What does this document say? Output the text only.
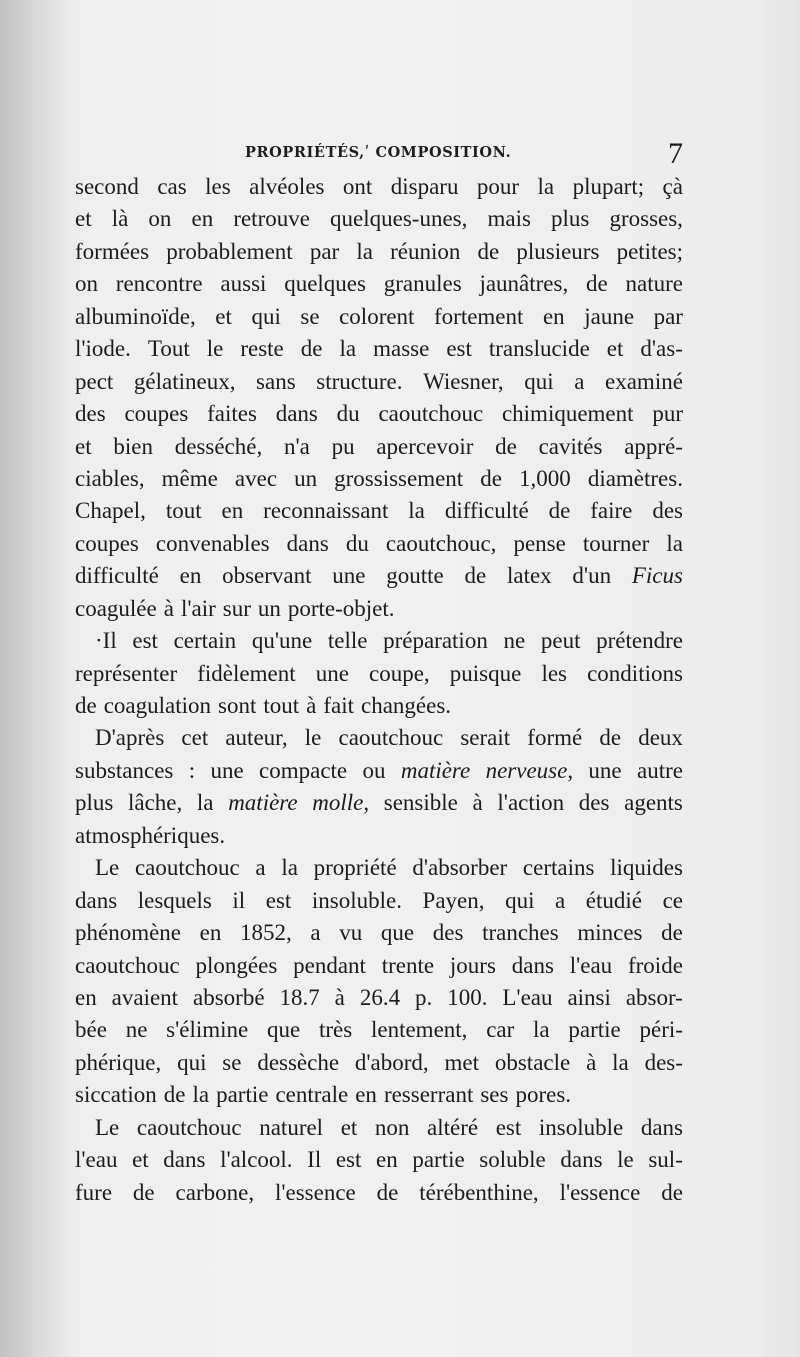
PROPRIÉTÉS,ʹ COMPOSITION.	7
second cas les alvéoles ont disparu pour la plupart; çà
et là on en retrouve quelques-unes, mais plus grosses,
formées probablement par la réunion de plusieurs petites;
on rencontre aussi quelques granules jaunâtres, de nature
albuminoïde, et qui se colorent fortement en jaune par
l'iode. Tout le reste de la masse est translucide et d'as-
pect gélatineux, sans structure. Wiesner, qui a examiné
des coupes faites dans du caoutchouc chimiquement pur
et bien desséché, n'a pu apercevoir de cavités appré-
ciables, même avec un grossissement de 1,000 diamètres.
Chapel, tout en reconnaissant la difficulté de faire des
coupes convenables dans du caoutchouc, pense tourner la
difficulté en observant une goutte de latex d'un Ficus
coagulée à l'air sur un porte-objet.
·Il est certain qu'une telle préparation ne peut prétendre
représenter fidèlement une coupe, puisque les conditions
de coagulation sont tout à fait changées.
D'après cet auteur, le caoutchouc serait formé de deux
substances : une compacte ou matière nerveuse, une autre
plus lâche, la matière molle, sensible à l'action des agents
atmosphériques.
Le caoutchouc a la propriété d'absorber certains liquides
dans lesquels il est insoluble. Payen, qui a étudié ce
phénomène en 1852, a vu que des tranches minces de
caoutchouc plongées pendant trente jours dans l'eau froide
en avaient absorbé 18.7 à 26.4 p. 100. L'eau ainsi absor-
bée ne s'élimine que très lentement, car la partie péri-
phérique, qui se dessèche d'abord, met obstacle à la des-
siccation de la partie centrale en resserrant ses pores.
Le caoutchouc naturel et non altéré est insoluble dans
l'eau et dans l'alcool. Il est en partie soluble dans le sul-
fure de carbone, l'essence de térébenthine, l'essence de
